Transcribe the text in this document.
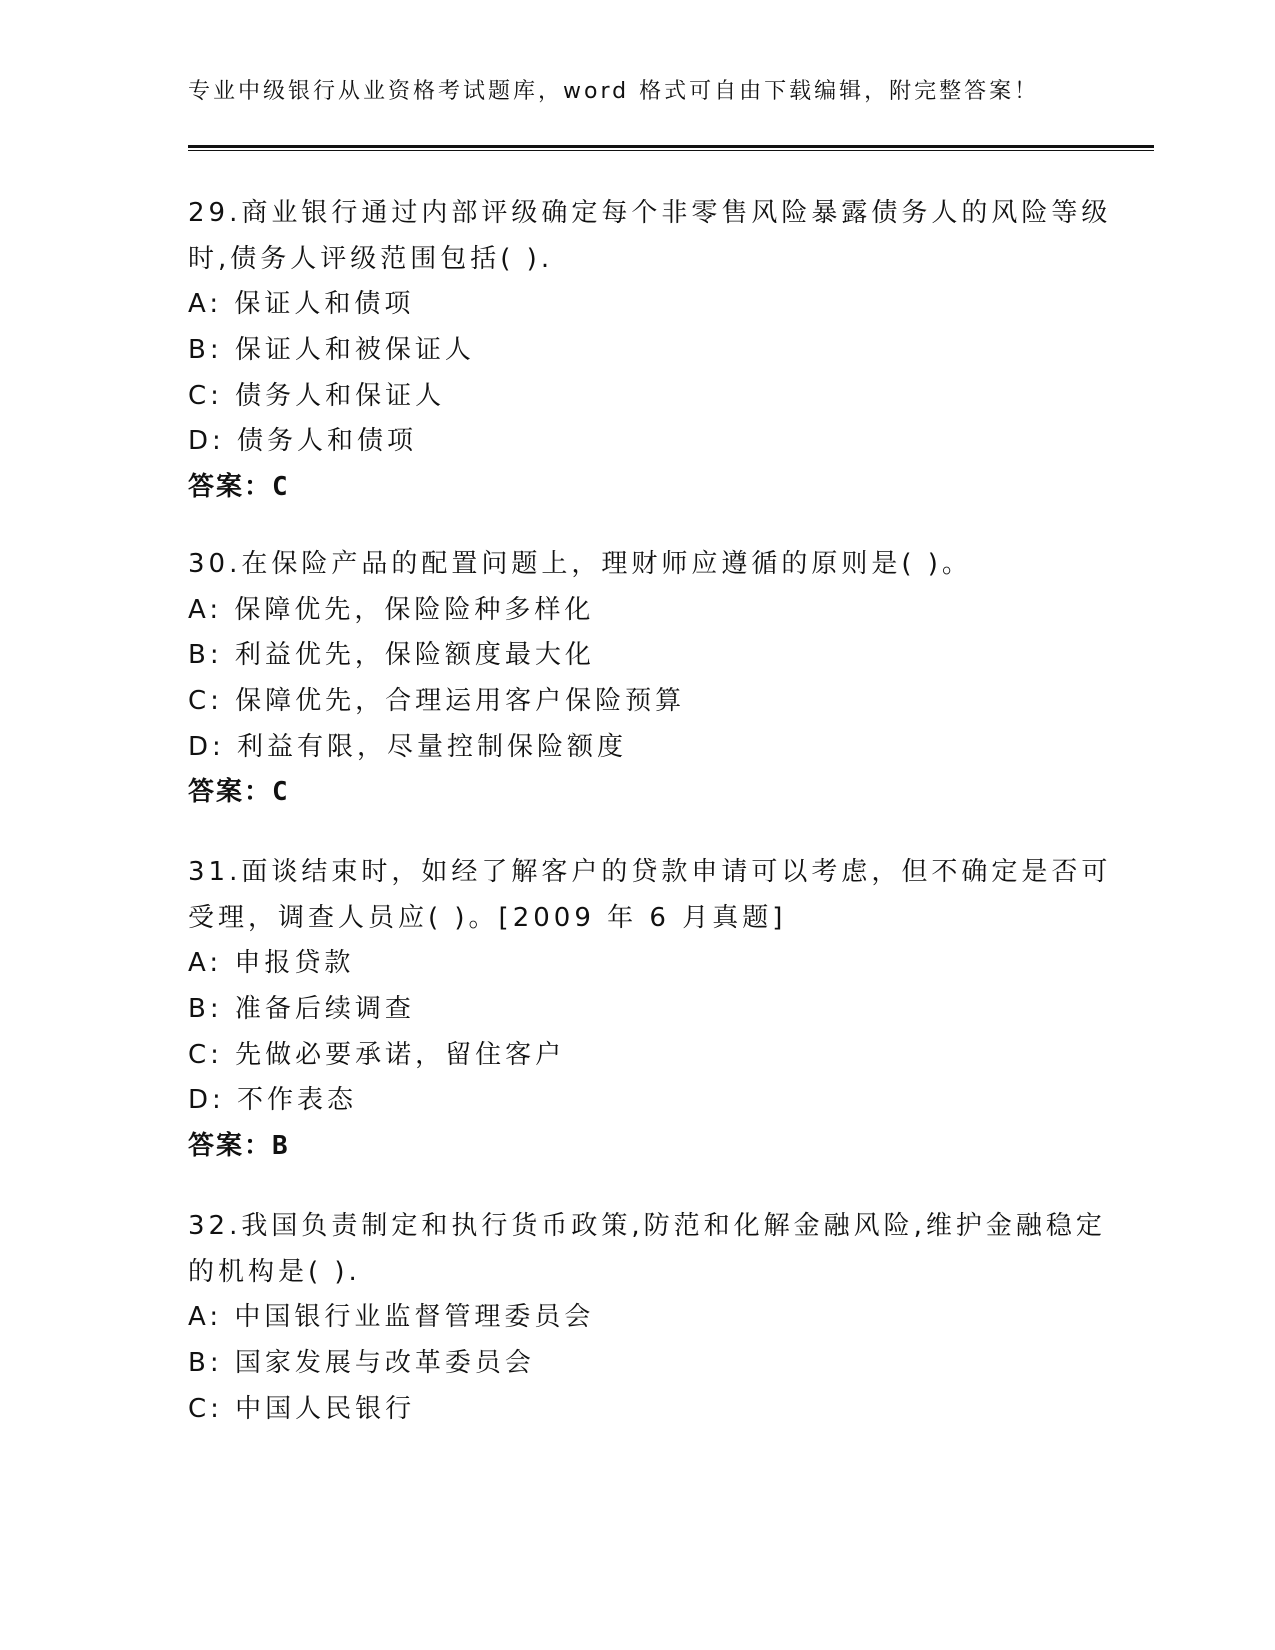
专业中级银行从业资格考试题库，word 格式可自由下载编辑，附完整答案！
29.商业银行通过内部评级确定每个非零售风险暴露债务人的风险等级
时,债务人评级范围包括( ).
A: 保证人和债项
B: 保证人和被保证人
C: 债务人和保证人
D: 债务人和债项
答案：C
30.在保险产品的配置问题上，理财师应遵循的原则是( )。
A: 保障优先，保险险种多样化
B: 利益优先，保险额度最大化
C: 保障优先，合理运用客户保险预算
D: 利益有限，尽量控制保险额度
答案：C
31.面谈结束时，如经了解客户的贷款申请可以考虑，但不确定是否可
受理，调查人员应( )。[2009 年 6 月真题]
A: 申报贷款
B: 准备后续调查
C: 先做必要承诺，留住客户
D: 不作表态
答案：B
32.我国负责制定和执行货币政策,防范和化解金融风险,维护金融稳定
的机构是( ).
A: 中国银行业监督管理委员会
B: 国家发展与改革委员会
C: 中国人民银行
